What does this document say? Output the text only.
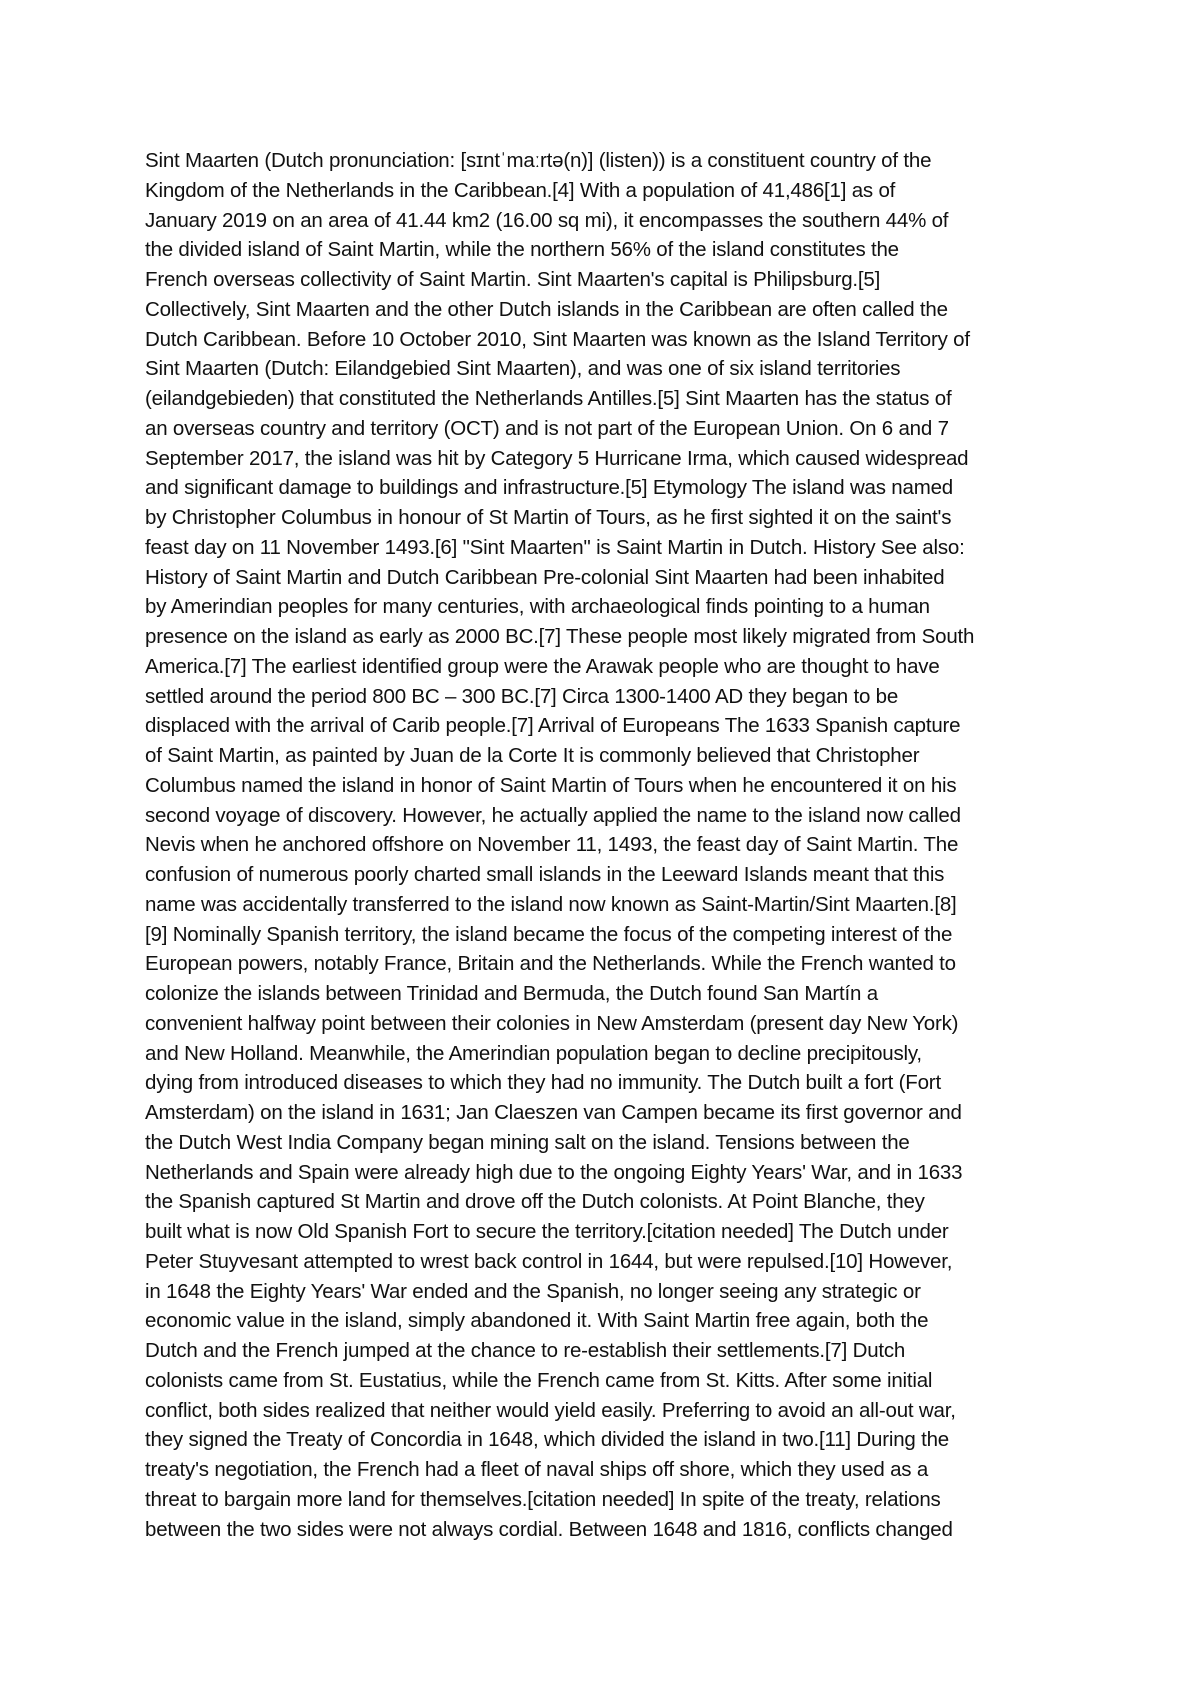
Sint Maarten (Dutch pronunciation: [sɪntˈmaːrtə(n)] (listen)) is a constituent country of the
Kingdom of the Netherlands in the Caribbean.[4] With a population of 41,486[1] as of
January 2019 on an area of 41.44 km2 (16.00 sq mi), it encompasses the southern 44% of
the divided island of Saint Martin, while the northern 56% of the island constitutes the
French overseas collectivity of Saint Martin. Sint Maarten's capital is Philipsburg.[5]
Collectively, Sint Maarten and the other Dutch islands in the Caribbean are often called the
Dutch Caribbean. Before 10 October 2010, Sint Maarten was known as the Island Territory of
Sint Maarten (Dutch: Eilandgebied Sint Maarten), and was one of six island territories
(eilandgebieden) that constituted the Netherlands Antilles.[5] Sint Maarten has the status of
an overseas country and territory (OCT) and is not part of the European Union. On 6 and 7
September 2017, the island was hit by Category 5 Hurricane Irma, which caused widespread
and significant damage to buildings and infrastructure.[5] Etymology The island was named
by Christopher Columbus in honour of St Martin of Tours, as he first sighted it on the saint's
feast day on 11 November 1493.[6] "Sint Maarten" is Saint Martin in Dutch. History See also:
History of Saint Martin and Dutch Caribbean Pre-colonial Sint Maarten had been inhabited
by Amerindian peoples for many centuries, with archaeological finds pointing to a human
presence on the island as early as 2000 BC.[7] These people most likely migrated from South
America.[7] The earliest identified group were the Arawak people who are thought to have
settled around the period 800 BC – 300 BC.[7] Circa 1300-1400 AD they began to be
displaced with the arrival of Carib people.[7] Arrival of Europeans The 1633 Spanish capture
of Saint Martin, as painted by Juan de la Corte It is commonly believed that Christopher
Columbus named the island in honor of Saint Martin of Tours when he encountered it on his
second voyage of discovery. However, he actually applied the name to the island now called
Nevis when he anchored offshore on November 11, 1493, the feast day of Saint Martin. The
confusion of numerous poorly charted small islands in the Leeward Islands meant that this
name was accidentally transferred to the island now known as Saint-Martin/Sint Maarten.[8]
[9] Nominally Spanish territory, the island became the focus of the competing interest of the
European powers, notably France, Britain and the Netherlands. While the French wanted to
colonize the islands between Trinidad and Bermuda, the Dutch found San Martín a
convenient halfway point between their colonies in New Amsterdam (present day New York)
and New Holland. Meanwhile, the Amerindian population began to decline precipitously,
dying from introduced diseases to which they had no immunity. The Dutch built a fort (Fort
Amsterdam) on the island in 1631; Jan Claeszen van Campen became its first governor and
the Dutch West India Company began mining salt on the island. Tensions between the
Netherlands and Spain were already high due to the ongoing Eighty Years' War, and in 1633
the Spanish captured St Martin and drove off the Dutch colonists. At Point Blanche, they
built what is now Old Spanish Fort to secure the territory.[citation needed] The Dutch under
Peter Stuyvesant attempted to wrest back control in 1644, but were repulsed.[10] However,
in 1648 the Eighty Years' War ended and the Spanish, no longer seeing any strategic or
economic value in the island, simply abandoned it. With Saint Martin free again, both the
Dutch and the French jumped at the chance to re-establish their settlements.[7] Dutch
colonists came from St. Eustatius, while the French came from St. Kitts. After some initial
conflict, both sides realized that neither would yield easily. Preferring to avoid an all-out war,
they signed the Treaty of Concordia in 1648, which divided the island in two.[11] During the
treaty's negotiation, the French had a fleet of naval ships off shore, which they used as a
threat to bargain more land for themselves.[citation needed] In spite of the treaty, relations
between the two sides were not always cordial. Between 1648 and 1816, conflicts changed
